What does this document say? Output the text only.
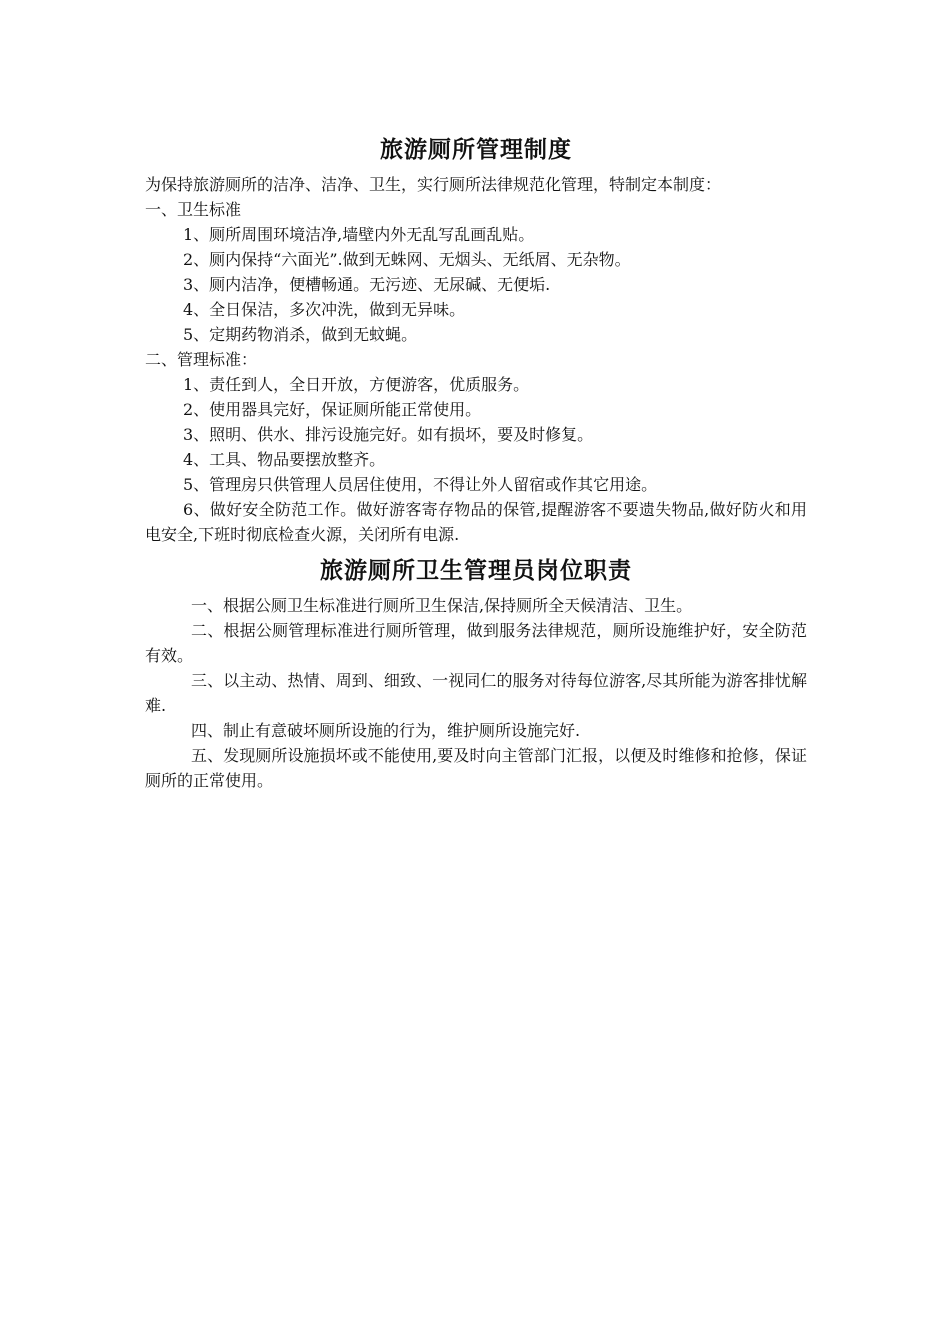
旅游厕所管理制度

为保持旅游厕所的洁净、洁净、卫生，实行厕所法律规范化管理，特制定本制度：

一、卫生标准

1、厕所周围环境洁净,墙壁内外无乱写乱画乱贴。

2、厕内保持“六面光”.做到无蛛网、无烟头、无纸屑、无杂物。

3、厕内洁净，便槽畅通。无污迹、无尿碱、无便垢.

4、全日保洁，多次冲洗，做到无异味。

5、定期药物消杀，做到无蚊蝇。

二、管理标准：

1、责任到人，全日开放，方便游客，优质服务。

2、使用器具完好，保证厕所能正常使用。

3、照明、供水、排污设施完好。如有损坏，要及时修复。

4、工具、物品要摆放整齐。

5、管理房只供管理人员居住使用，不得让外人留宿或作其它用途。

6、做好安全防范工作。做好游客寄存物品的保管,提醒游客不要遗失物品,做好防火和用电安全,下班时彻底检查火源，关闭所有电源.

旅游厕所卫生管理员岗位职责

一、根据公厕卫生标准进行厕所卫生保洁,保持厕所全天候清洁、卫生。

二、根据公厕管理标准进行厕所管理，做到服务法律规范，厕所设施维护好，安全防范有效。

三、以主动、热情、周到、细致、一视同仁的服务对待每位游客,尽其所能为游客排忧解难.

四、制止有意破坏厕所设施的行为，维护厕所设施完好.

五、发现厕所设施损坏或不能使用,要及时向主管部门汇报，以便及时维修和抢修，保证厕所的正常使用。
